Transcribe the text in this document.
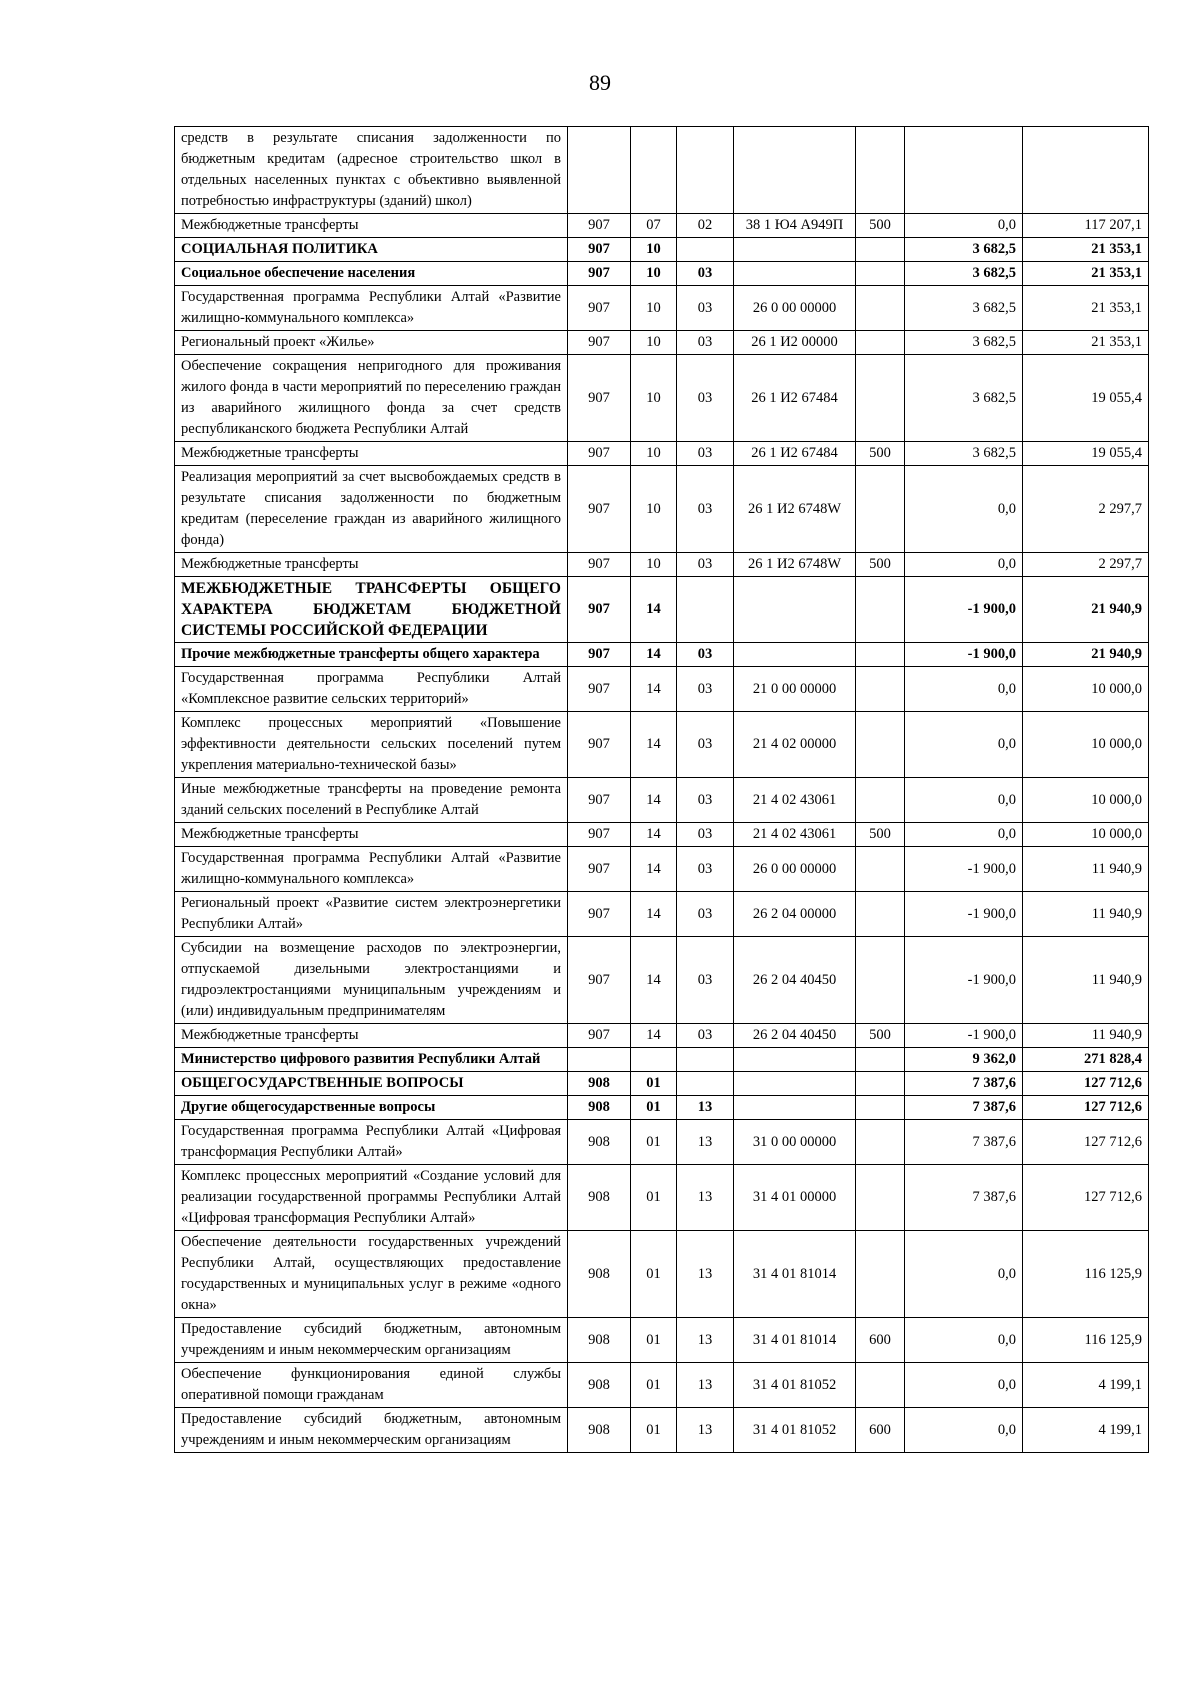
89
средств в результате списания задолженности по бюджетным кредитам (адресное строительство школ в отдельных населенных пунктах с объективно выявленной потребностью инфраструктуры (зданий) школ)							
Межбюджетные трансферты	907	07	02	38 1 Ю4 А949П	500	0,0	117 207,1
СОЦИАЛЬНАЯ ПОЛИТИКА	907	10				3 682,5	21 353,1
Социальное обеспечение населения	907	10	03			3 682,5	21 353,1
Государственная программа Республики Алтай «Развитие жилищно-коммунального комплекса»	907	10	03	26 0 00 00000		3 682,5	21 353,1
Региональный проект «Жилье»	907	10	03	26 1 И2 00000		3 682,5	21 353,1
Обеспечение сокращения непригодного для проживания жилого фонда в части мероприятий по переселению граждан из аварийного жилищного фонда за счет средств республиканского бюджета Республики Алтай	907	10	03	26 1 И2 67484		3 682,5	19 055,4
Межбюджетные трансферты	907	10	03	26 1 И2 67484	500	3 682,5	19 055,4
Реализация мероприятий за счет высвобождаемых средств в результате списания задолженности по бюджетным кредитам (переселение граждан из аварийного жилищного фонда)	907	10	03	26 1 И2 6748W		0,0	2 297,7
Межбюджетные трансферты	907	10	03	26 1 И2 6748W	500	0,0	2 297,7
МЕЖБЮДЖЕТНЫЕ ТРАНСФЕРТЫ ОБЩЕГО ХАРАКТЕРА БЮДЖЕТАМ БЮДЖЕТНОЙ СИСТЕМЫ РОССИЙСКОЙ ФЕДЕРАЦИИ	907	14				-1 900,0	21 940,9
Прочие межбюджетные трансферты общего характера	907	14	03			-1 900,0	21 940,9
Государственная программа Республики Алтай «Комплексное развитие сельских территорий»	907	14	03	21 0 00 00000		0,0	10 000,0
Комплекс процессных мероприятий «Повышение эффективности деятельности сельских поселений путем укрепления материально-технической базы»	907	14	03	21 4 02 00000		0,0	10 000,0
Иные межбюджетные трансферты на проведение ремонта зданий сельских поселений в Республике Алтай	907	14	03	21 4 02 43061		0,0	10 000,0
Межбюджетные трансферты	907	14	03	21 4 02 43061	500	0,0	10 000,0
Государственная программа Республики Алтай «Развитие жилищно-коммунального комплекса»	907	14	03	26 0 00 00000		-1 900,0	11 940,9
Региональный проект «Развитие систем электроэнергетики Республики Алтай»	907	14	03	26 2 04 00000		-1 900,0	11 940,9
Субсидии на возмещение расходов по электроэнергии, отпускаемой дизельными электростанциями и гидроэлектростанциями муниципальным учреждениям и (или) индивидуальным предпринимателям	907	14	03	26 2 04 40450		-1 900,0	11 940,9
Межбюджетные трансферты	907	14	03	26 2 04 40450	500	-1 900,0	11 940,9
Министерство цифрового развития Республики Алтай						9 362,0	271 828,4
ОБЩЕГОСУДАРСТВЕННЫЕ ВОПРОСЫ	908	01				7 387,6	127 712,6
Другие общегосударственные вопросы	908	01	13			7 387,6	127 712,6
Государственная программа Республики Алтай «Цифровая трансформация Республики Алтай»	908	01	13	31 0 00 00000		7 387,6	127 712,6
Комплекс процессных мероприятий «Создание условий для реализации государственной программы Республики Алтай «Цифровая трансформация Республики Алтай»	908	01	13	31 4 01 00000		7 387,6	127 712,6
Обеспечение деятельности государственных учреждений Республики Алтай, осуществляющих предоставление государственных и муниципальных услуг в режиме «одного окна»	908	01	13	31 4 01 81014		0,0	116 125,9
Предоставление субсидий бюджетным, автономным учреждениям и иным некоммерческим организациям	908	01	13	31 4 01 81014	600	0,0	116 125,9
Обеспечение функционирования единой службы оперативной помощи гражданам	908	01	13	31 4 01 81052		0,0	4 199,1
Предоставление субсидий бюджетным, автономным учреждениям и иным некоммерческим организациям	908	01	13	31 4 01 81052	600	0,0	4 199,1
